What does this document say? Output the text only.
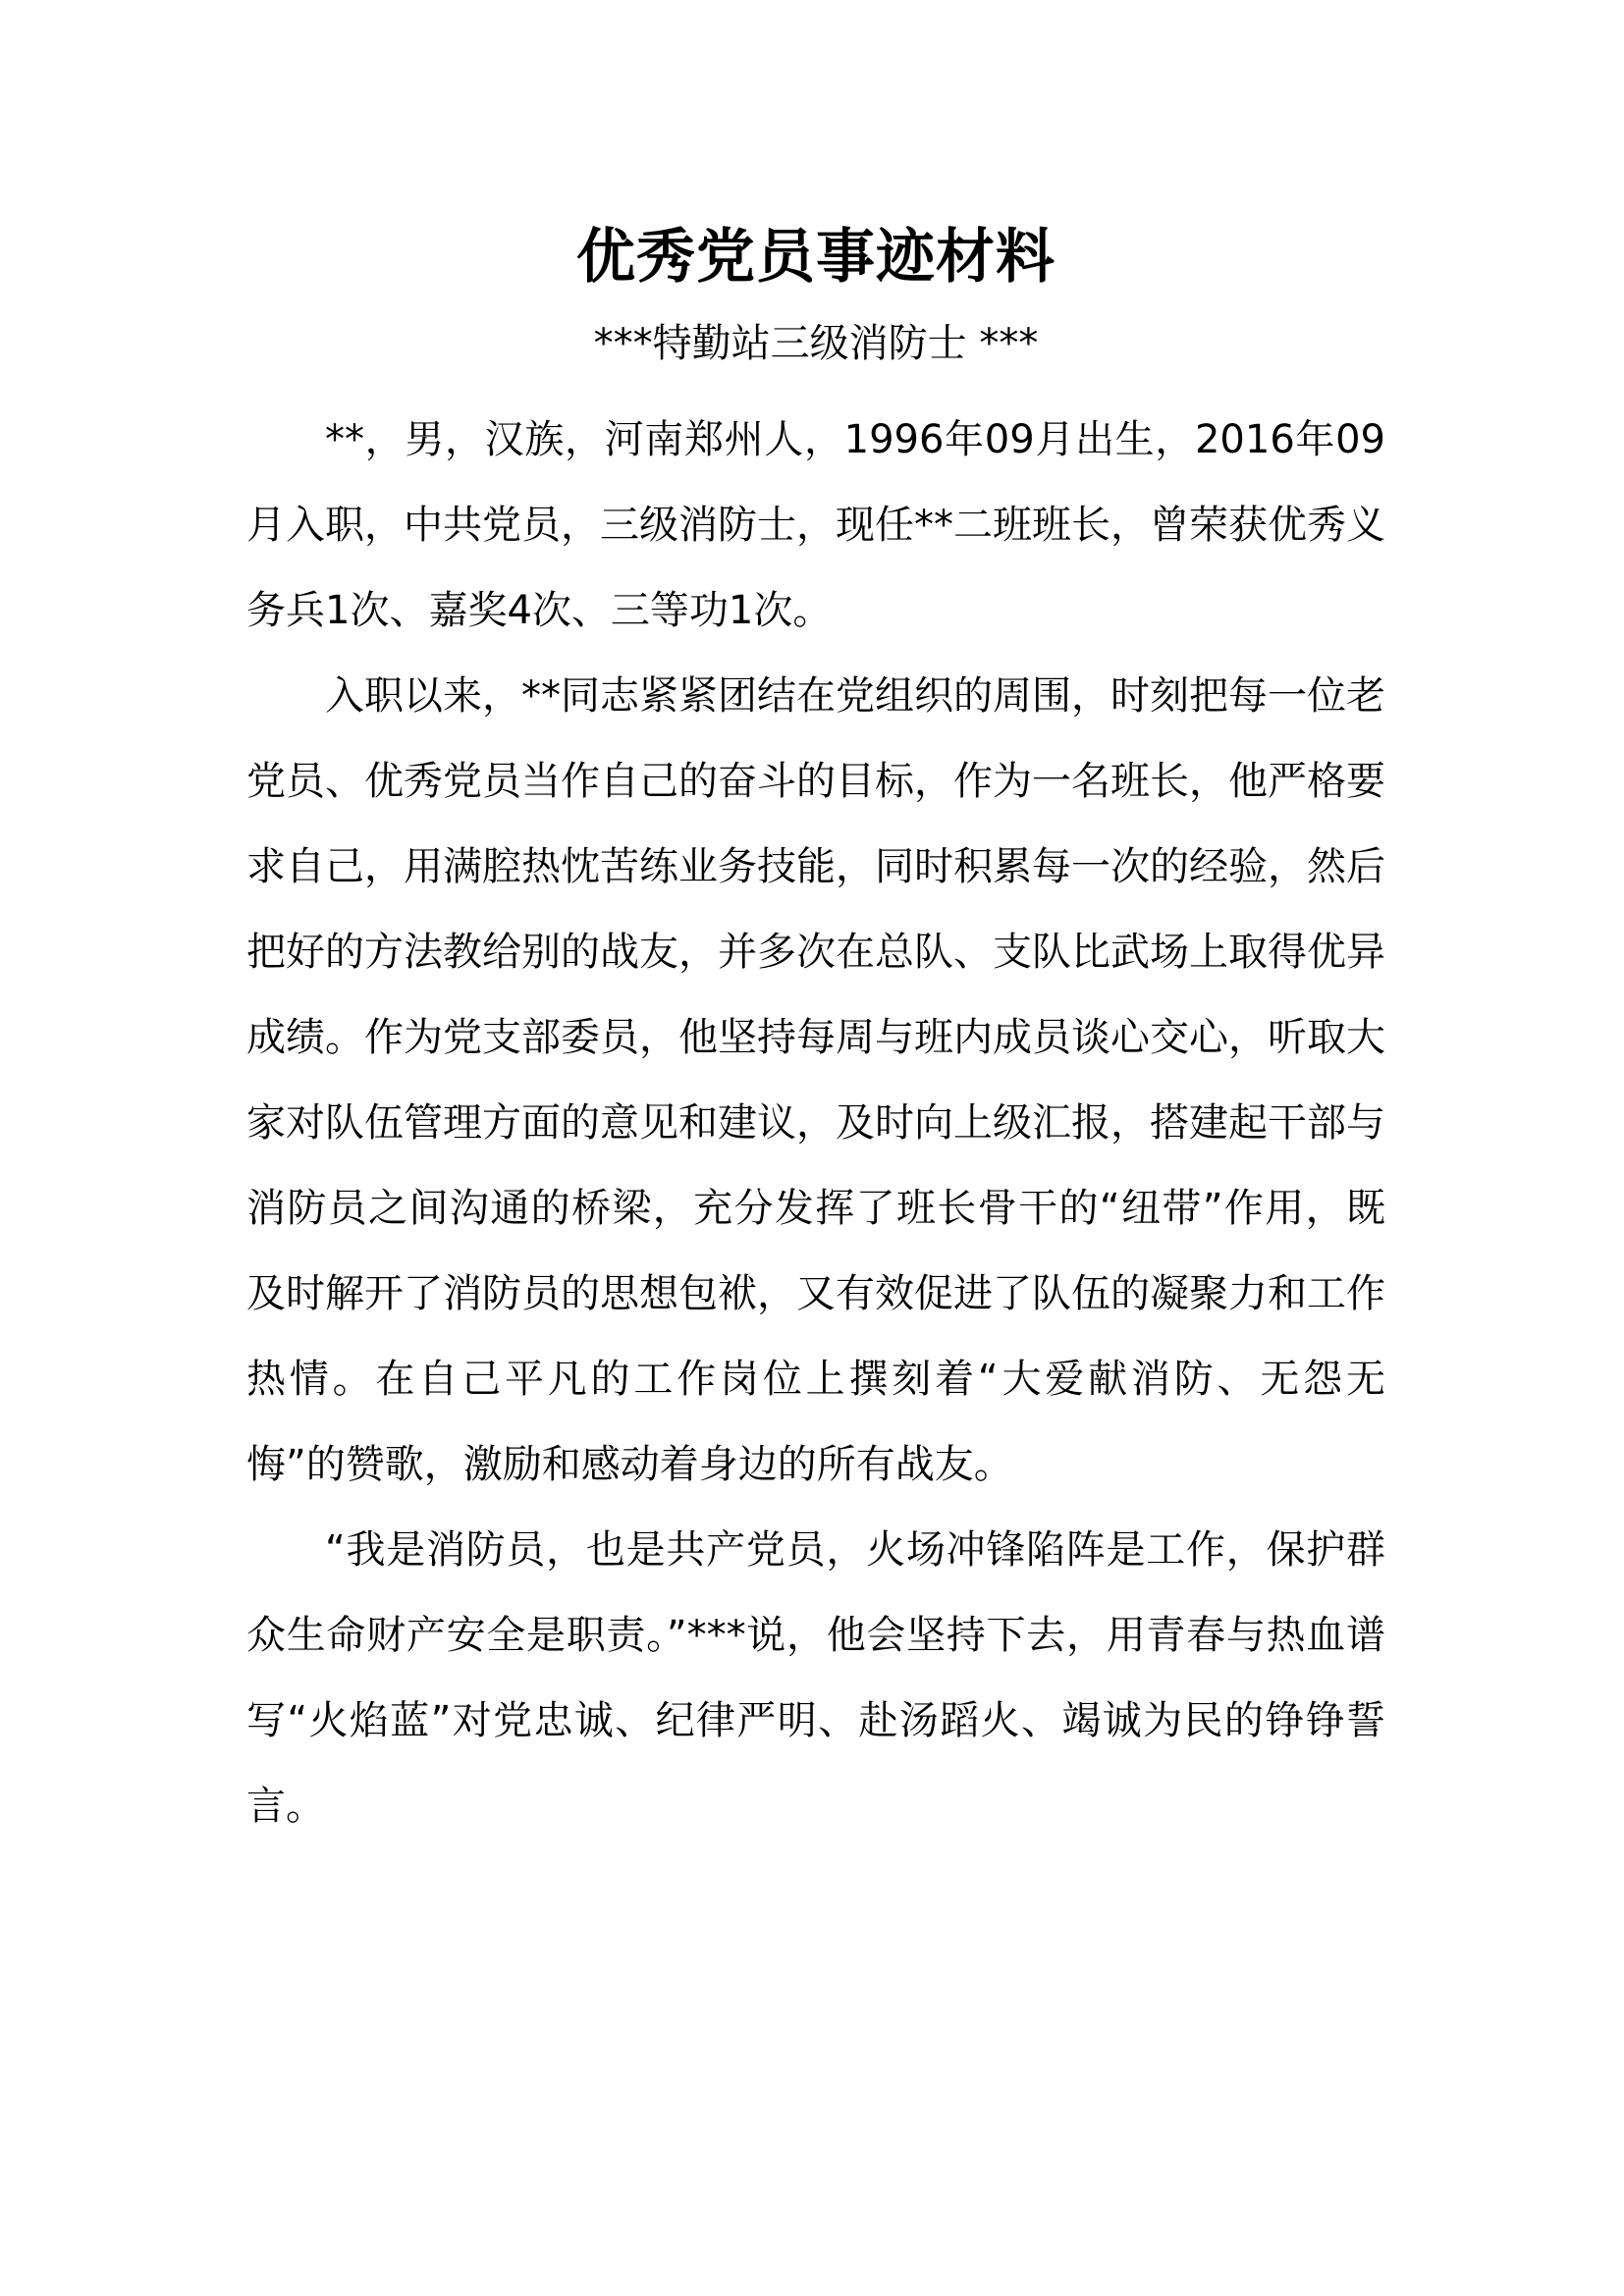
优秀党员事迹材料
***特勤站三级消防士 ***

**，男，汉族，河南郑州人，1996年09月出生，2016年09月入职，中共党员，三级消防士，现任**二班班长，曾荣获优秀义务兵1次、嘉奖4次、三等功1次。

入职以来，**同志紧紧团结在党组织的周围，时刻把每一位老党员、优秀党员当作自己的奋斗的目标，作为一名班长，他严格要求自己，用满腔热忱苦练业务技能，同时积累每一次的经验，然后把好的方法教给别的战友，并多次在总队、支队比武场上取得优异成绩。作为党支部委员，他坚持每周与班内成员谈心交心，听取大家对队伍管理方面的意见和建议，及时向上级汇报，搭建起干部与消防员之间沟通的桥梁，充分发挥了班长骨干的“纽带”作用，既及时解开了消防员的思想包袱，又有效促进了队伍的凝聚力和工作热情。在自己平凡的工作岗位上撰刻着“大爱献消防、无怨无悔”的赞歌，激励和感动着身边的所有战友。

“我是消防员，也是共产党员，火场冲锋陷阵是工作，保护群众生命财产安全是职责。”***说，他会坚持下去，用青春与热血谱写“火焰蓝”对党忠诚、纪律严明、赴汤蹈火、竭诚为民的铮铮誓言。
